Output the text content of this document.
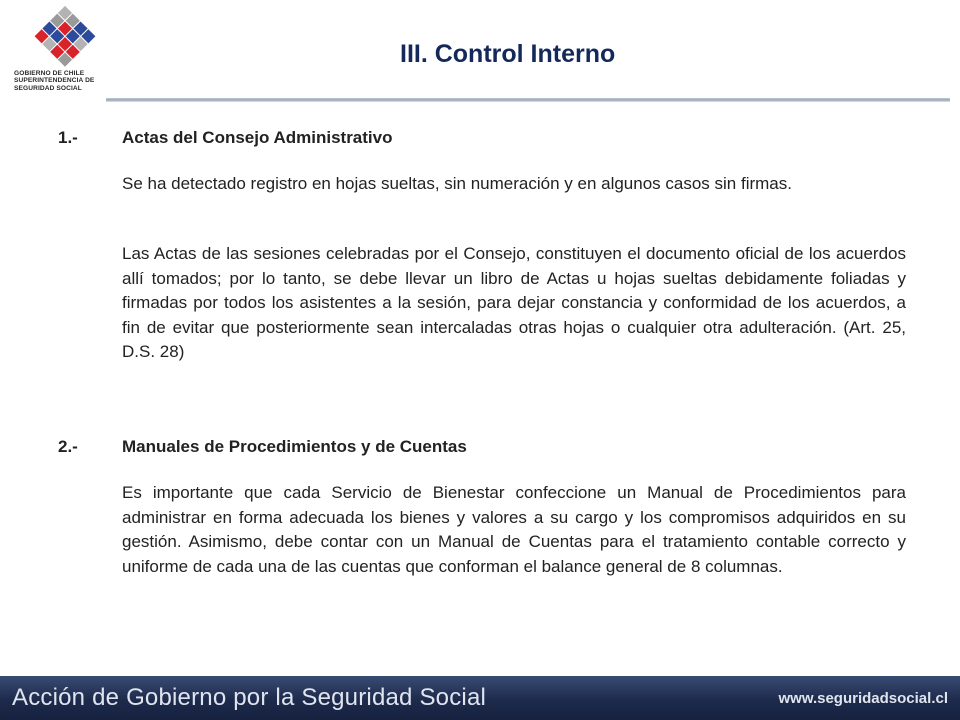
GOBIERNO DE CHILE
SUPERINTENDENCIA DE
SEGURIDAD SOCIAL
III. Control Interno
1.-	Actas del Consejo Administrativo

Se ha detectado registro en hojas sueltas, sin numeración y en algunos casos sin firmas.

Las Actas de las sesiones celebradas por el Consejo, constituyen el documento oficial de los acuerdos allí tomados; por lo tanto, se debe llevar un libro de Actas u hojas sueltas debidamente foliadas y firmadas por todos los asistentes a la sesión, para dejar constancia y conformidad de los acuerdos, a fin de evitar que posteriormente sean intercaladas otras hojas o cualquier otra adulteración. (Art. 25, D.S. 28)

2.-	Manuales de Procedimientos y de Cuentas

Es importante que cada Servicio de Bienestar confeccione un Manual de Procedimientos para administrar en forma adecuada los bienes y valores a su cargo y los compromisos adquiridos en su gestión. Asimismo, debe contar con un Manual de Cuentas para el tratamiento contable correcto y uniforme de cada una de las cuentas que conforman el balance general de 8 columnas.

Acción de Gobierno por la Seguridad Social	www.seguridadsocial.cl
